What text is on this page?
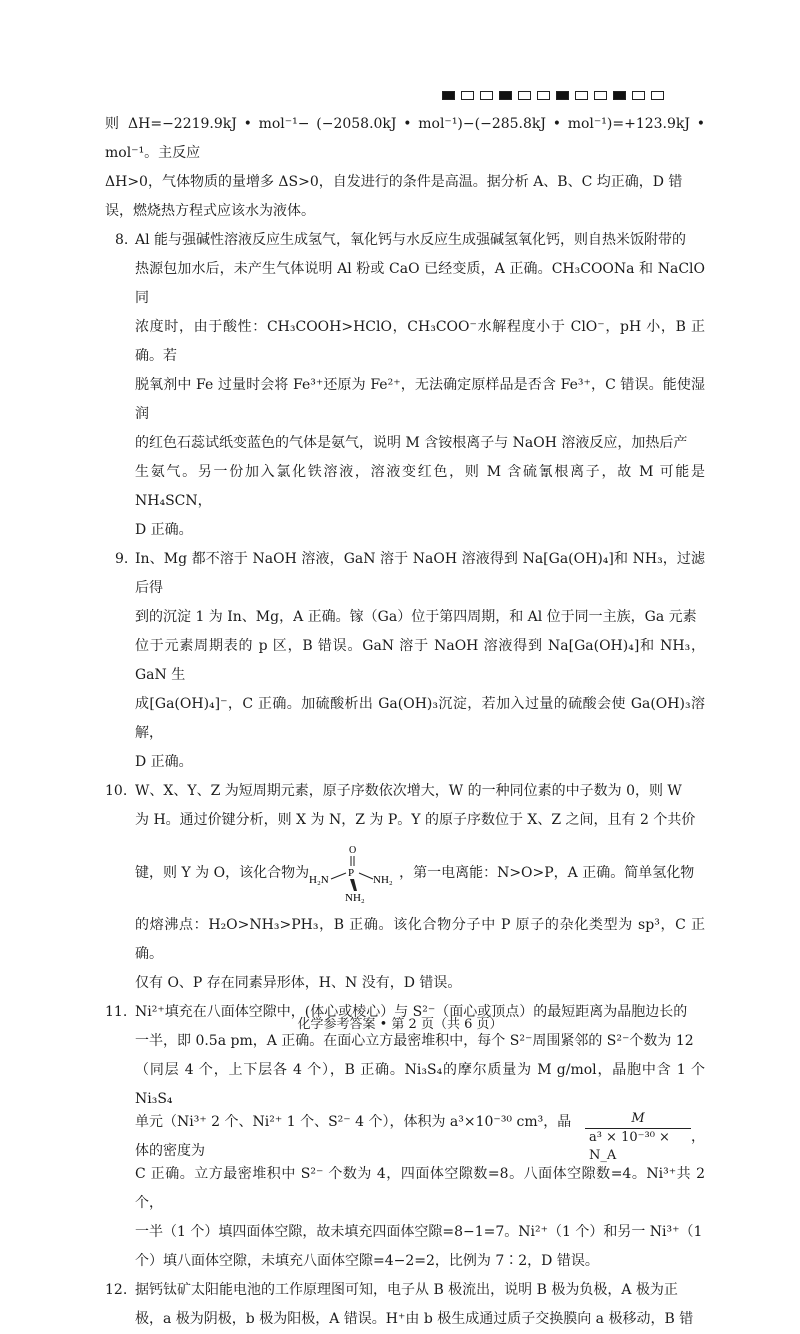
则 ΔH=−2219.9kJ • mol⁻¹− (−2058.0kJ • mol⁻¹)−(−285.8kJ • mol⁻¹)=+123.9kJ • mol⁻¹。主反应

ΔH>0，气体物质的量增多 ΔS>0，自发进行的条件是高温。据分析 A、B、C 均正确，D 错

误，燃烧热方程式应该水为液体。

8. Al 能与强碱性溶液反应生成氢气，氧化钙与水反应生成强碱氢氧化钙，则自热米饭附带的

热源包加水后，未产生气体说明 Al 粉或 CaO 已经变质，A 正确。CH₃COONa 和 NaClO 同

浓度时，由于酸性：CH₃COOH>HClO，CH₃COO⁻水解程度小于 ClO⁻，pH 小，B 正确。若

脱氧剂中 Fe 过量时会将 Fe³⁺还原为 Fe²⁺，无法确定原样品是否含 Fe³⁺，C 错误。能使湿润

的红色石蕊试纸变蓝色的气体是氨气，说明 M 含铵根离子与 NaOH 溶液反应，加热后产

生氨气。另一份加入氯化铁溶液，溶液变红色，则 M 含硫氰根离子，故 M 可能是 NH₄SCN，

D 正确。

9. In、Mg 都不溶于 NaOH 溶液，GaN 溶于 NaOH 溶液得到 Na[Ga(OH)₄]和 NH₃，过滤后得

到的沉淀 1 为 In、Mg，A 正确。镓（Ga）位于第四周期，和 Al 位于同一主族，Ga 元素

位于元素周期表的 p 区，B 错误。GaN 溶于 NaOH 溶液得到 Na[Ga(OH)₄]和 NH₃，GaN 生

成[Ga(OH)₄]⁻，C 正确。加硫酸析出 Ga(OH)₃沉淀，若加入过量的硫酸会使 Ga(OH)₃溶解，

D 正确。

10. W、X、Y、Z 为短周期元素，原子序数依次增大，W 的一种同位素的中子数为 0，则 W

为 H。通过价键分析，则 X 为 N，Z 为 P。Y 的原子序数位于 X、Z 之间，且有 2 个共价

键，则 Y 为 O，该化合物为
O
P
H₂N	NH₂
NH₂
，第一电离能：N>O>P，A 正确。简单氢化物

的熔沸点：H₂O>NH₃>PH₃，B 正确。该化合物分子中 P 原子的杂化类型为 sp³，C 正确。

仅有 O、P 存在同素异形体，H、N 没有，D 错误。

11. Ni²⁺填充在八面体空隙中，(体心或棱心）与 S²⁻（面心或顶点）的最短距离为晶胞边长的

一半，即 0.5a pm，A 正确。在面心立方最密堆积中，每个 S²⁻周围紧邻的 S²⁻个数为 12

（同层 4 个，上下层各 4 个），B 正确。Ni₃S₄的摩尔质量为 M g/mol，晶胞中含 1 个 Ni₃S₄

单元（Ni³⁺ 2 个、Ni²⁺ 1 个、S²⁻ 4 个），体积为 a³×10⁻³⁰ cm³，晶体的密度为	$\frac{M}{\text{a³ × 10⁻³⁰ × N\_A}}$ ，

C 正确。立方最密堆积中 S²⁻ 个数为 4，四面体空隙数=8。八面体空隙数=4。Ni³⁺共 2 个，

一半（1 个）填四面体空隙，故未填充四面体空隙=8−1=7。Ni²⁺（1 个）和另一 Ni³⁺（1

个）填八面体空隙，未填充八面体空隙=4−2=2，比例为 7∶2，D 错误。

12. 据钙钛矿太阳能电池的工作原理图可知，电子从 B 极流出，说明 B 极为负极，A 极为正

极，a 极为阴极，b 极为阳极，A 错误。H⁺由 b 极生成通过质子交换膜向 a 极移动，B 错

化学参考答案 • 第 2 页（共 6 页）
